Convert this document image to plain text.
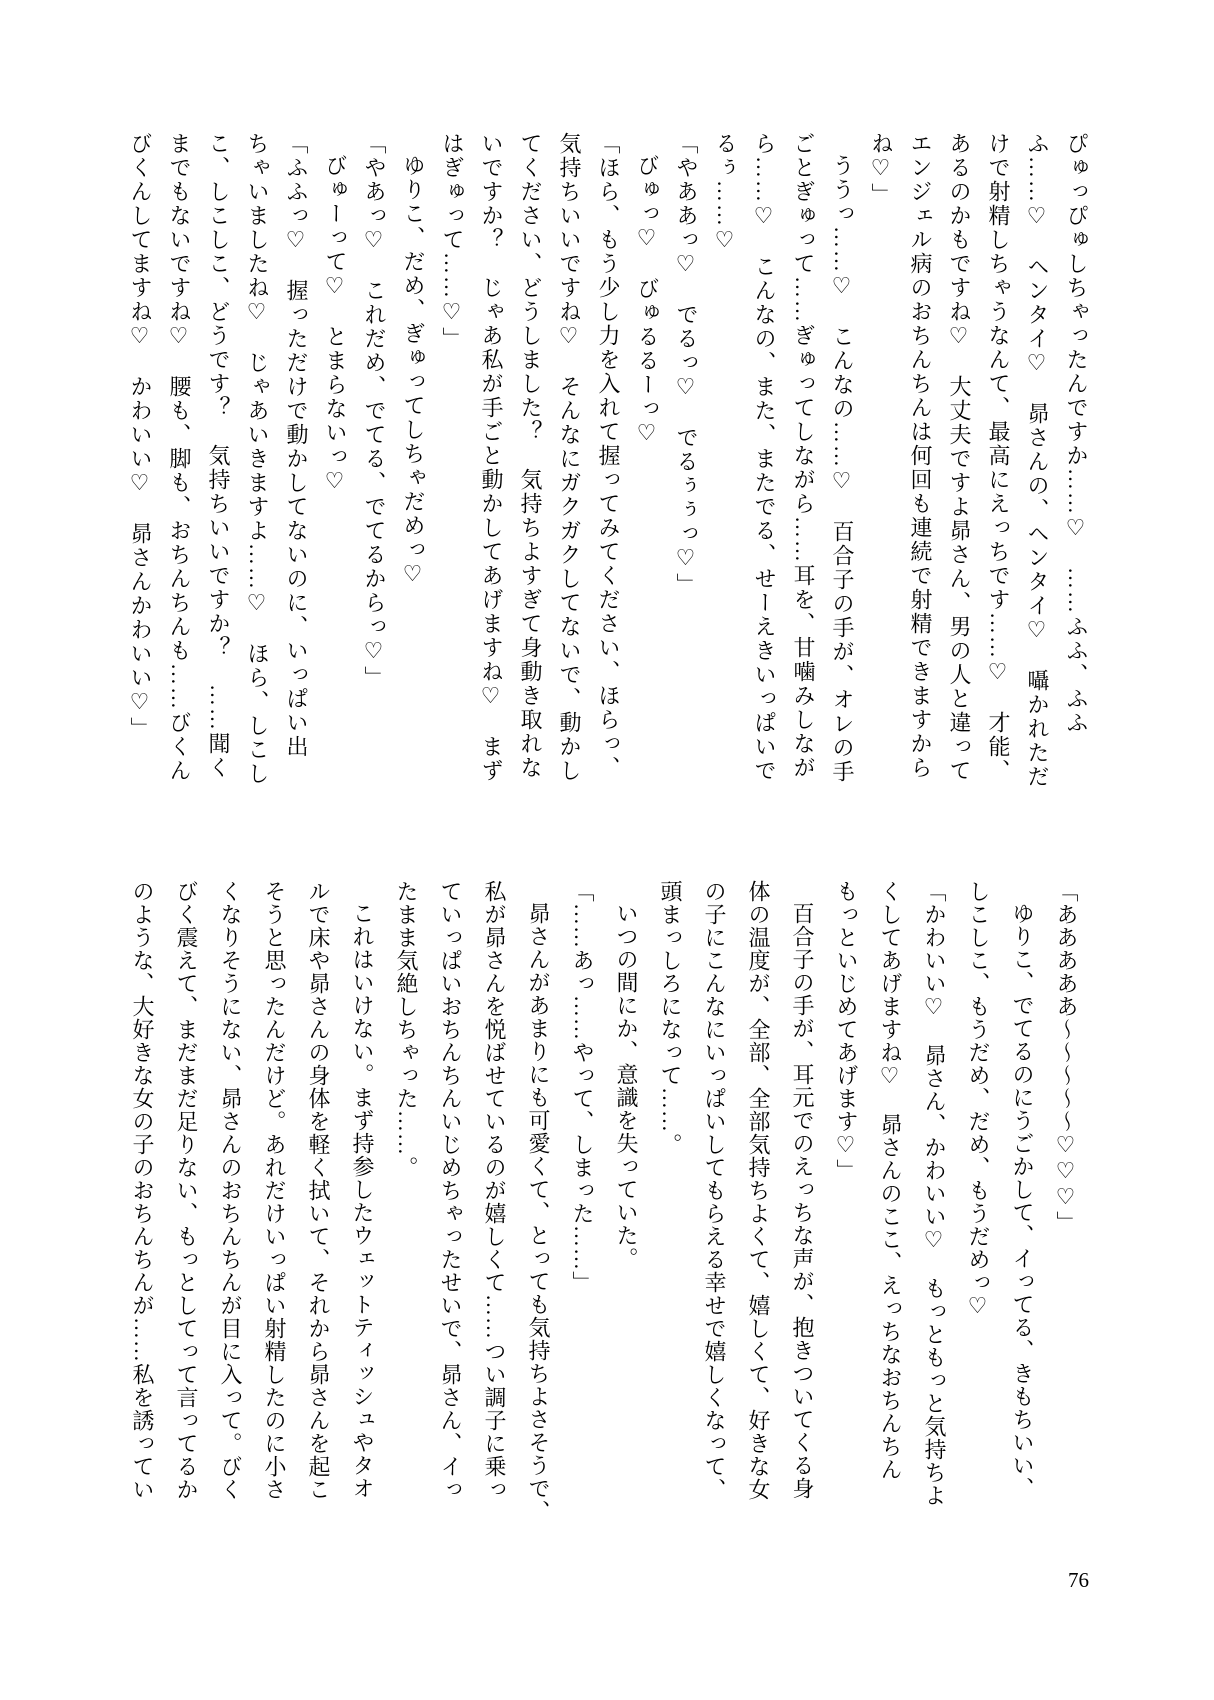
ぴゅっぴゅしちゃったんですか……♡　……ふふ、ふふ

ふ……♡　ヘンタイ♡　昴さんの、ヘンタイ♡　囁かれただ

けで射精しちゃうなんて、最高にえっちです……♡　才能、

あるのかもですね♡　大丈夫ですよ昴さん、男の人と違って

エンジェル病のおちんちんは何回も連続で射精できますから

ね♡」

ううっ……♡　こんなの……♡　百合子の手が、オレの手

ごとぎゅって……ぎゅってしながら……耳を、甘噛みしなが

ら……♡　こんなの、また、またでる、せーえきいっぱいで

るぅ……♡

「やああっ♡　でるっ♡　でるぅぅっ♡」

びゅっ♡　びゅるるーっ♡

「ほら、もう少し力を入れて握ってみてください、ほらっ、

気持ちいいですね♡　そんなにガクガクしてないで、動かし

てください、どうしました？　気持ちよすぎて身動き取れな

いですか？　じゃあ私が手ごと動かしてあげますね♡　まず

はぎゅって……♡」

ゆりこ、だめ、ぎゅってしちゃだめっ♡

「やあっ♡　これだめ、でてる、でてるからっ♡」

びゅーって♡　とまらないっ♡

「ふふっ♡　握っただけで動かしてないのに、いっぱい出

ちゃいましたね♡　じゃあいきますよ……♡　ほら、しこし

こ、しこしこ、どうです？　気持ちいいですか？　……聞く

までもないですね♡　腰も、脚も、おちんちんも……びくん

びくんしてますね♡　かわいい♡　昴さんかわいい♡」

「あああああ〜〜〜〜〜♡♡♡」

ゆりこ、でてるのにうごかして、イってる、きもちいい、

しこしこ、もうだめ、だめ、もうだめっ♡

「かわいい♡　昴さん、かわいい♡　もっともっと気持ちよ

くしてあげますね♡　昴さんのここ、えっちなおちんちん

もっといじめてあげます♡」

百合子の手が、耳元でのえっちな声が、抱きついてくる身

体の温度が、全部、全部気持ちよくて、嬉しくて、好きな女

の子にこんなにいっぱいしてもらえる幸せで嬉しくなって、

頭まっしろになって……。

いつの間にか、意識を失っていた。

「……あっ……やって、しまった……」

昴さんがあまりにも可愛くて、とっても気持ちよさそうで、

私が昴さんを悦ばせているのが嬉しくて……つい調子に乗っ

ていっぱいおちんちんいじめちゃったせいで、昴さん、イっ

たまま気絶しちゃった……。

これはいけない。まず持参したウェットティッシュやタオ

ルで床や昴さんの身体を軽く拭いて、それから昴さんを起こ

そうと思ったんだけど。あれだけいっぱい射精したのに小さ

くなりそうにない、昴さんのおちんちんが目に入って。びく

びく震えて、まだまだ足りない、もっとしてって言ってるか

のような、大好きな女の子のおちんちんが……私を誘ってい

76
